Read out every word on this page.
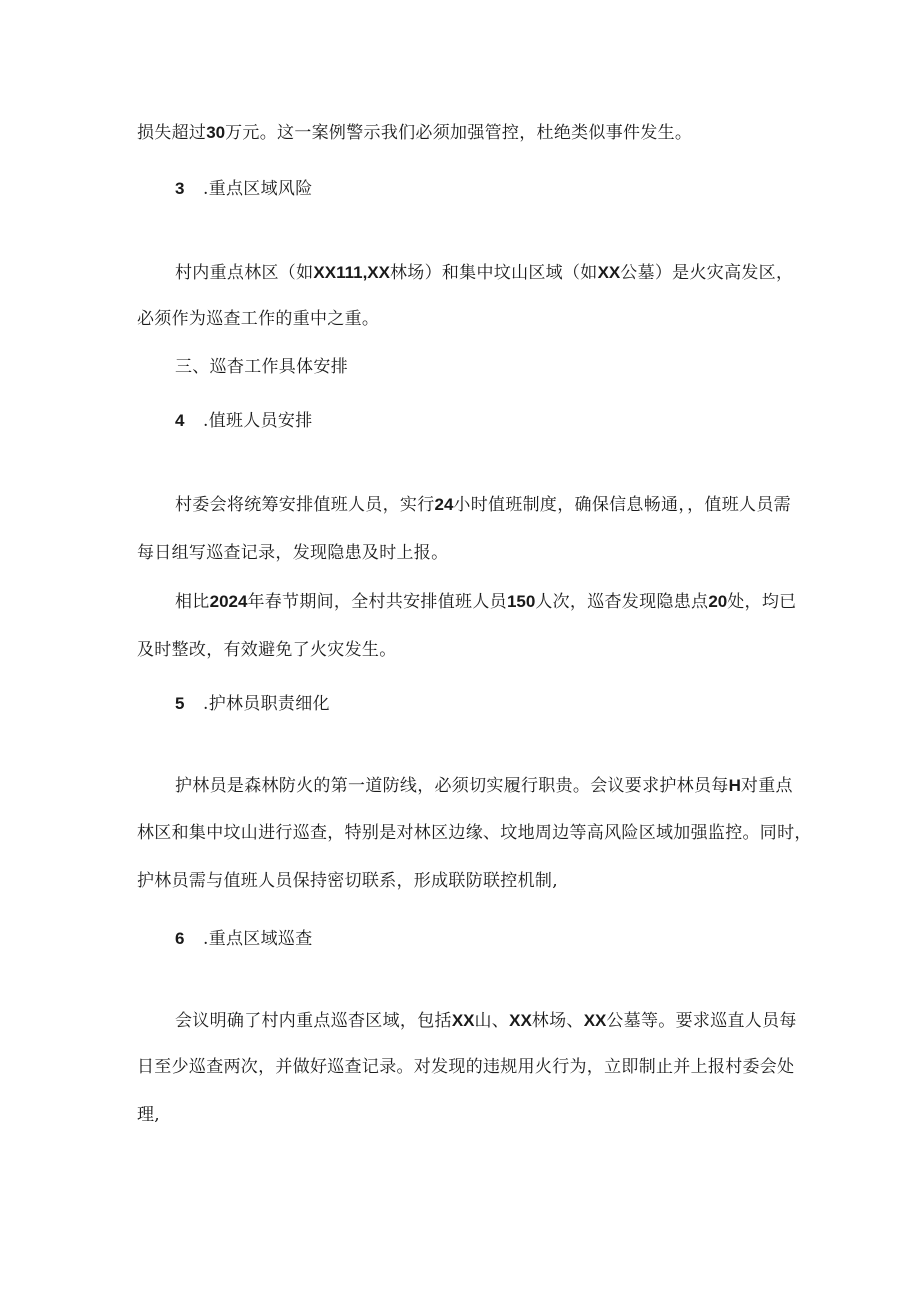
损失超过30万元。这一案例警示我们必须加强管控，杜绝类似事件发生。
3 .重点区域风险
村内重点林区（如XX111,XX林场）和集中坟山区域（如XX公墓）是火灾高发区，
必须作为巡查工作的重中之重。
三、巡杳工作具体安排
4 .值班人员安排
村委会将统筹安排值班人员，实行24小时值班制度，确保信息畅通，，值班人员需
每日组写巡查记录，发现隐患及时上报。
相比2024年春节期间，全村共安排值班人员150人次，巡杳发现隐患点20处，均已
及时整改，有效避免了火灾发生。
5 .护林员职责细化
护林员是森林防火的第一道防线，必须切实履行职贵。会议要求护林员每H对重点
林区和集中坟山进行巡查，特别是对林区边缘、坟地周边等高风险区域加强监控。同时，
护林员需与值班人员保持密切联系，形成联防联控机制,
6 .重点区域巡查
会议明确了村内重点巡杳区域，包括XX山、XX林场、XX公墓等。要求巡直人员每
日至少巡查两次，并做好巡查记录。对发现的违规用火行为，立即制止并上报村委会处
理,
